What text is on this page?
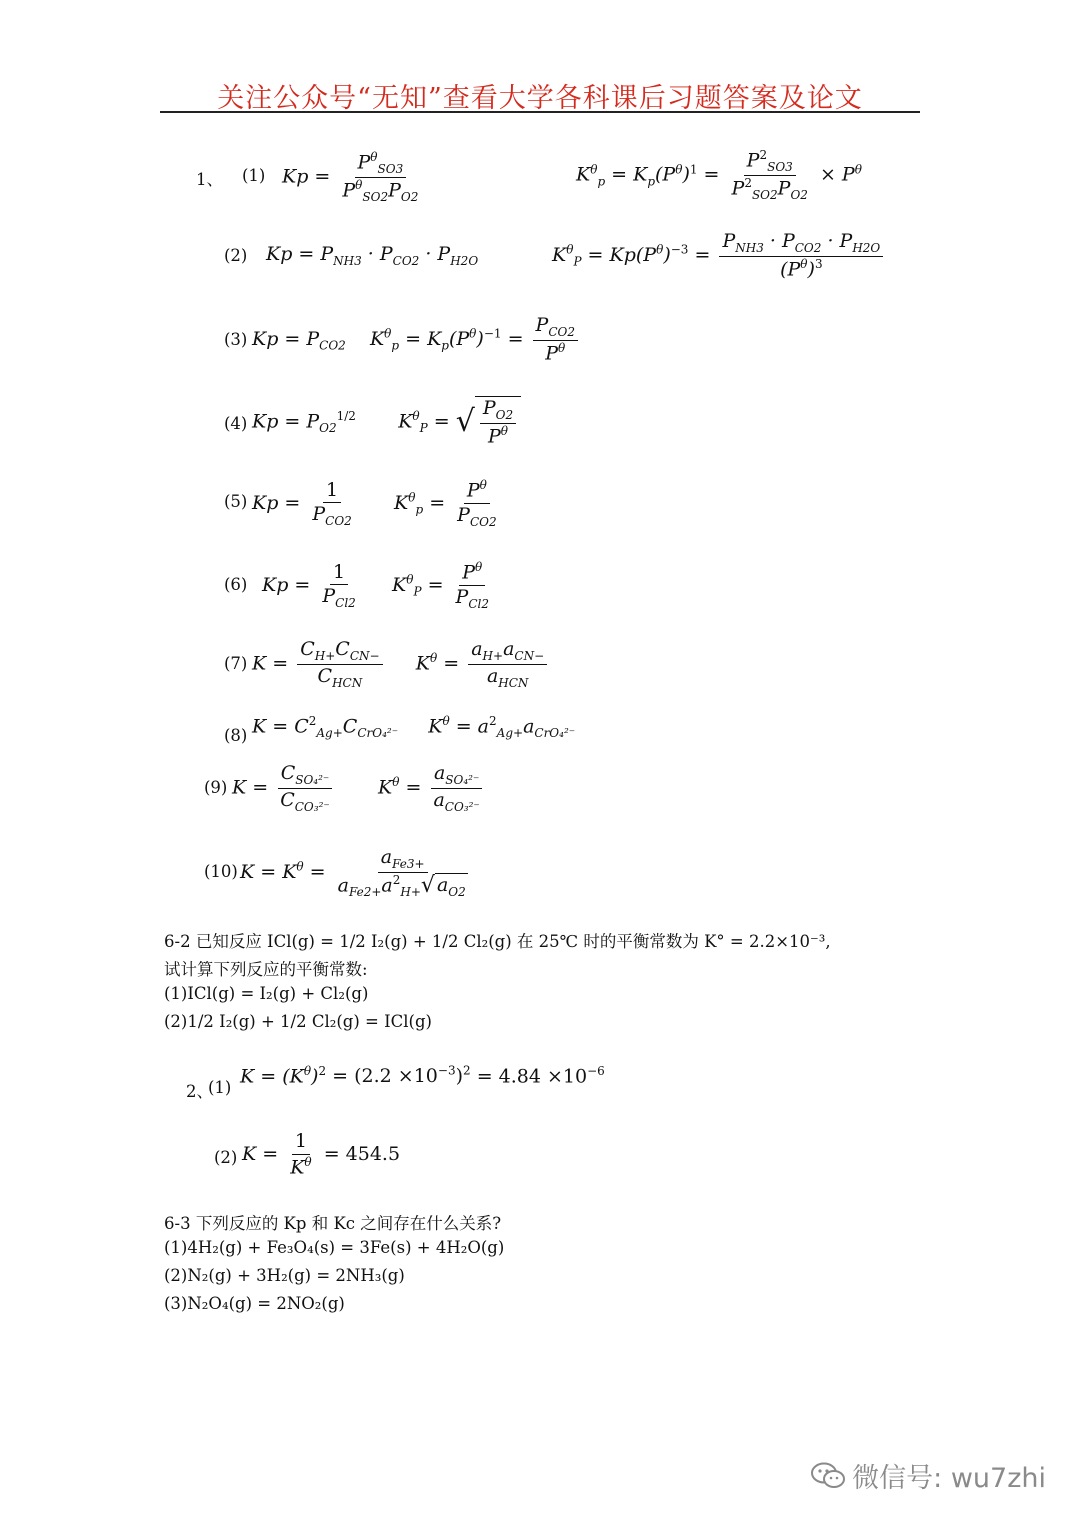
关注公众号“无知”查看大学各科课后习题答案及论文
1、 (1) Kp =
$P^\theta_{SO3}$
$P^\theta_{SO2}P_{O2}$
$K^\theta_p = K_p(P^\theta)^1 = \frac{P^2_{SO3}}{P^2_{SO2}P_{O2}} \times P^\theta$
(2) $Kp = P_{NH3} \cdot P_{CO2} \cdot P_{H2O}$	$K^\theta_P = Kp(P^\theta)^{-3}$ =
$P_{NH3} \cdot P_{CO2} \cdot P_{H2O}$
$(P^\theta)^3$
(3) $Kp = P_{CO2}$    $K^\theta_p = K_p(P^\theta)^{-1}$ =
$P_{CO2}$
$P^\theta$
(4) $Kp = P_{O2}^{1/2}$       $K^\theta_P$ = √ $\frac{P_{O2}}{P^\theta}$
(5) Kp =
1
$P_{CO2}$
$K^\theta_p$ =
$P^\theta$
$P_{CO2}$
(6) Kp =
1
$P_{Cl2}$
$K^\theta_P$ =
$P^\theta$
$P_{Cl2}$
(7) K =
$C_{H+}C_{CN-}$
$C_{HCN}$
$K^\theta$ =
$a_{H+}a_{CN-}$
$a_{HCN}$
(8) $K = C^2_{Ag+}C_{CrO_4^{2-}}$     $K^\theta = a^2_{Ag+}a_{CrO_4^{2-}}$
(9) K =
$C_{SO_4^{2-}}$
$C_{CO_3^{2-}}$
$K^\theta$ =
$a_{SO_4^{2-}}$
$a_{CO_3^{2-}}$
(10) $K = K^\theta$ =
$a_{Fe3+}$
$a_{Fe2+}a^2_{H+}$ √ $a_{O2}$
6-2 已知反应 ICl(g) = 1/2 I₂(g) + 1/2 Cl₂(g) 在 25℃ 时的平衡常数为 K° = 2.2×10⁻³,
试计算下列反应的平衡常数:
(1)ICl(g) = I₂(g) + Cl₂(g)
(2)1/2 I₂(g) + 1/2 Cl₂(g) = ICl(g)
2、
(1)
$K = (K^\theta)^2 = (2.2 \times 10^{-3})^2 = 4.84 \times 10^{-6}$
(2) $K = \frac{1}{K^\theta} = 454.5$
6-3 下列反应的 Kp 和 Kc 之间存在什么关系?
(1)4H₂(g) + Fe₃O₄(s) = 3Fe(s) + 4H₂O(g)
(2)N₂(g) + 3H₂(g) = 2NH₃(g)
(3)N₂O₄(g) = 2NO₂(g)
微信号: wu7zhi
